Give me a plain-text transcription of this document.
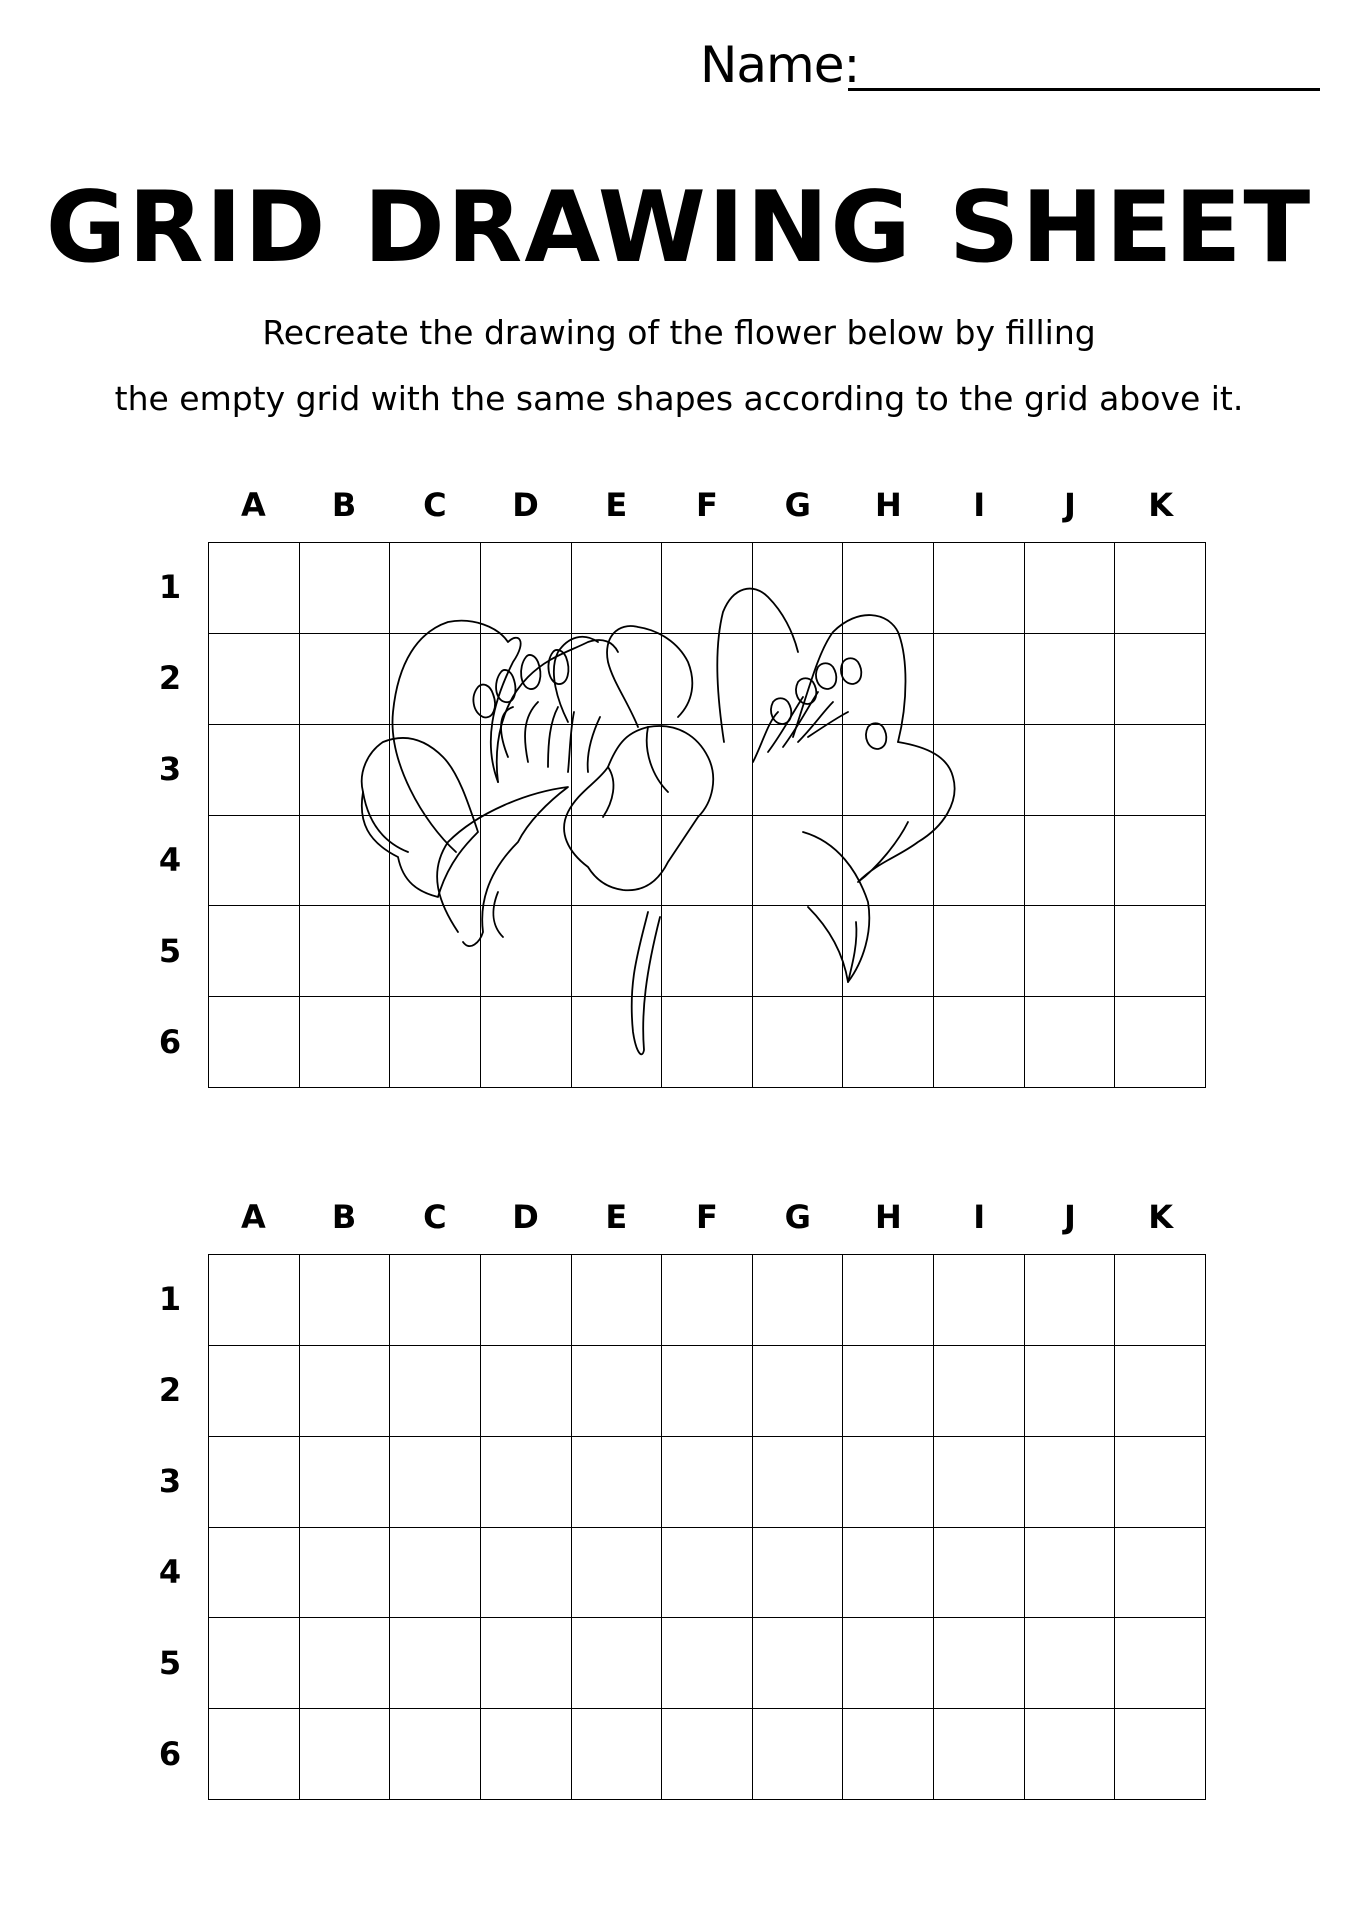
Name:
GRID DRAWING SHEET
Recreate the drawing of the flower below by filling
the empty grid with the same shapes according to the grid above it.
A	B	C	D	E	F	G	H	I	J	K
1
2
3
4
5
6
A	B	C	D	E	F	G	H	I	J	K
1
2
3
4
5
6
